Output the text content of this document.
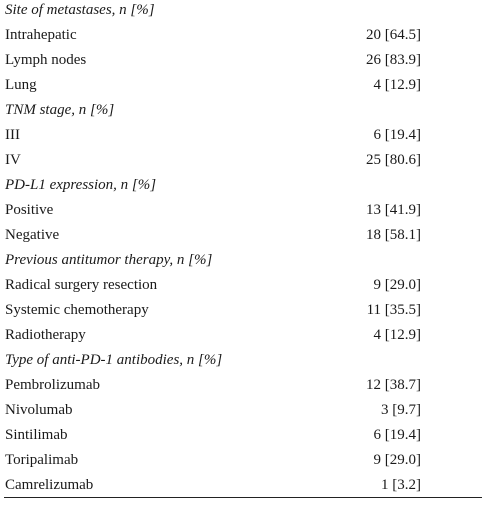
Site of metastases, n [%]
Intrahepatic	20 [64.5]
Lymph nodes	26 [83.9]
Lung	4 [12.9]
TNM stage, n [%]
III	6 [19.4]
IV	25 [80.6]
PD-L1 expression, n [%]
Positive	13 [41.9]
Negative	18 [58.1]
Previous antitumor therapy, n [%]
Radical surgery resection	9 [29.0]
Systemic chemotherapy	11 [35.5]
Radiotherapy	4 [12.9]
Type of anti-PD-1 antibodies, n [%]
Pembrolizumab	12 [38.7]
Nivolumab	3 [9.7]
Sintilimab	6 [19.4]
Toripalimab	9 [29.0]
Camrelizumab	1 [3.2]
